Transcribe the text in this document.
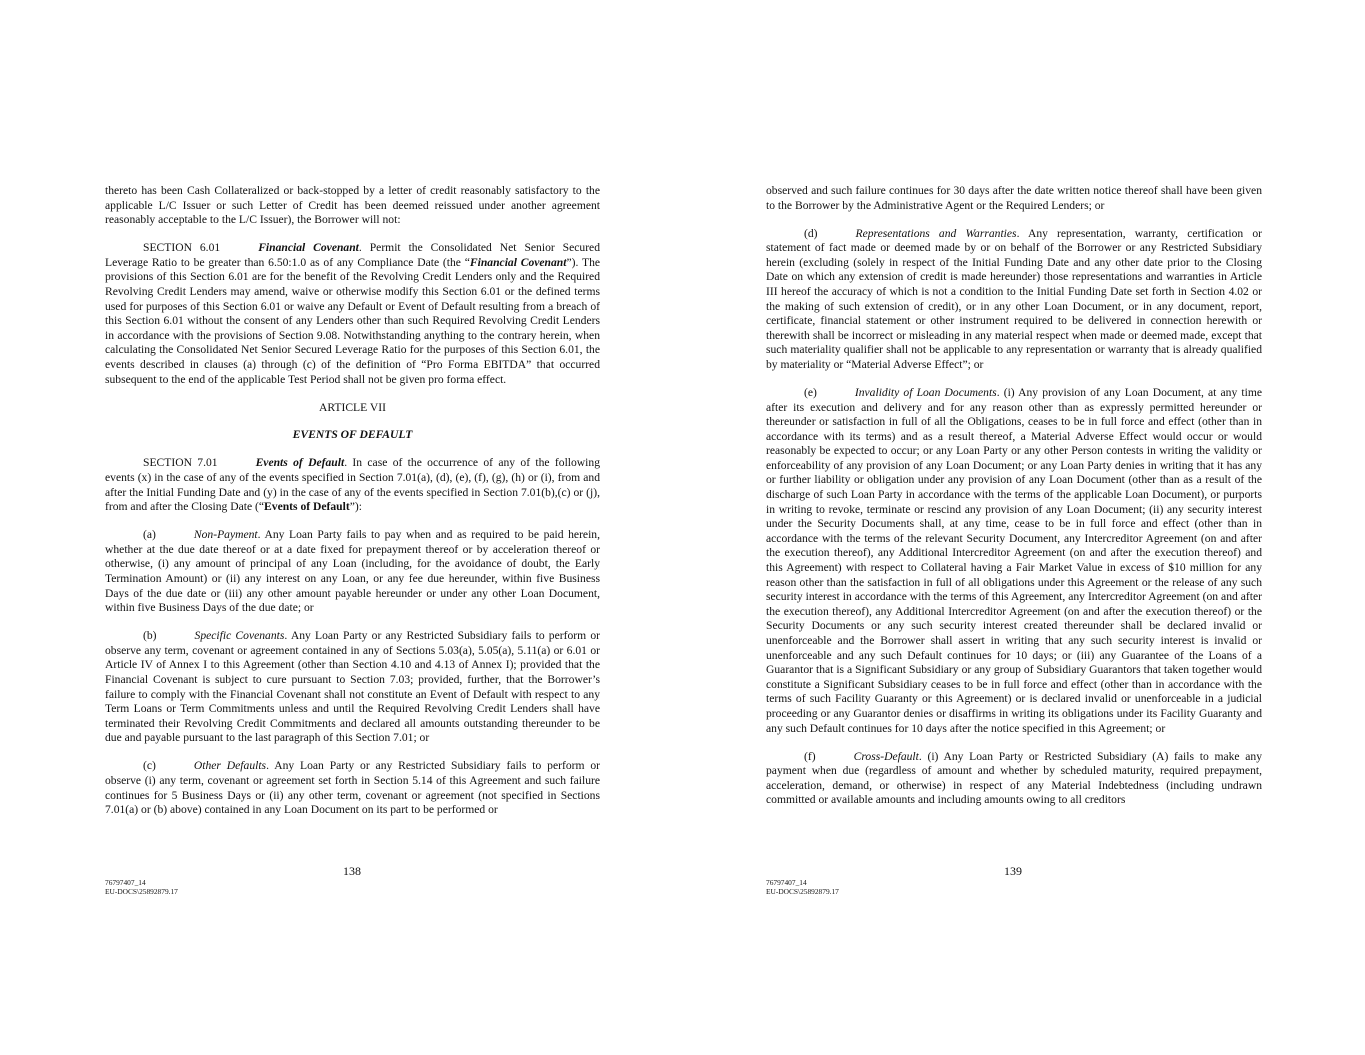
thereto has been Cash Collateralized or back-stopped by a letter of credit reasonably satisfactory to the applicable L/C Issuer or such Letter of Credit has been deemed reissued under another agreement reasonably acceptable to the L/C Issuer), the Borrower will not:

SECTION 6.01	Financial Covenant. Permit the Consolidated Net Senior Secured Leverage Ratio to be greater than 6.50:1.0 as of any Compliance Date (the “Financial Covenant”). The provisions of this Section 6.01 are for the benefit of the Revolving Credit Lenders only and the Required Revolving Credit Lenders may amend, waive or otherwise modify this Section 6.01 or the defined terms used for purposes of this Section 6.01 or waive any Default or Event of Default resulting from a breach of this Section 6.01 without the consent of any Lenders other than such Required Revolving Credit Lenders in accordance with the provisions of Section 9.08. Notwithstanding anything to the contrary herein, when calculating the Consolidated Net Senior Secured Leverage Ratio for the purposes of this Section 6.01, the events described in clauses (a) through (c) of the definition of “Pro Forma EBITDA” that occurred subsequent to the end of the applicable Test Period shall not be given pro forma effect.

ARTICLE VII

EVENTS OF DEFAULT

SECTION 7.01	Events of Default. In case of the occurrence of any of the following events (x) in the case of any of the events specified in Section 7.01(a), (d), (e), (f), (g), (h) or (i), from and after the Initial Funding Date and (y) in the case of any of the events specified in Section 7.01(b),(c) or (j), from and after the Closing Date (“Events of Default”):

(a)	Non-Payment. Any Loan Party fails to pay when and as required to be paid herein, whether at the due date thereof or at a date fixed for prepayment thereof or by acceleration thereof or otherwise, (i) any amount of principal of any Loan (including, for the avoidance of doubt, the Early Termination Amount) or (ii) any interest on any Loan, or any fee due hereunder, within five Business Days of the due date or (iii) any other amount payable hereunder or under any other Loan Document, within five Business Days of the due date; or

(b)	Specific Covenants. Any Loan Party or any Restricted Subsidiary fails to perform or observe any term, covenant or agreement contained in any of Sections 5.03(a), 5.05(a), 5.11(a) or 6.01 or Article IV of Annex I to this Agreement (other than Section 4.10 and 4.13 of Annex I); provided that the Financial Covenant is subject to cure pursuant to Section 7.03; provided, further, that the Borrower’s failure to comply with the Financial Covenant shall not constitute an Event of Default with respect to any Term Loans or Term Commitments unless and until the Required Revolving Credit Lenders shall have terminated their Revolving Credit Commitments and declared all amounts outstanding thereunder to be due and payable pursuant to the last paragraph of this Section 7.01; or

(c)	Other Defaults. Any Loan Party or any Restricted Subsidiary fails to perform or observe (i) any term, covenant or agreement set forth in Section 5.14 of this Agreement and such failure continues for 5 Business Days or (ii) any other term, covenant or agreement (not specified in Sections 7.01(a) or (b) above) contained in any Loan Document on its part to be performed or

138
76797407_14
EU-DOCS\25892879.17

observed and such failure continues for 30 days after the date written notice thereof shall have been given to the Borrower by the Administrative Agent or the Required Lenders; or

(d)	Representations and Warranties. Any representation, warranty, certification or statement of fact made or deemed made by or on behalf of the Borrower or any Restricted Subsidiary herein (excluding (solely in respect of the Initial Funding Date and any other date prior to the Closing Date on which any extension of credit is made hereunder) those representations and warranties in Article III hereof the accuracy of which is not a condition to the Initial Funding Date set forth in Section 4.02 or the making of such extension of credit), or in any other Loan Document, or in any document, report, certificate, financial statement or other instrument required to be delivered in connection herewith or therewith shall be incorrect or misleading in any material respect when made or deemed made, except that such materiality qualifier shall not be applicable to any representation or warranty that is already qualified by materiality or “Material Adverse Effect”; or

(e)	Invalidity of Loan Documents. (i) Any provision of any Loan Document, at any time after its execution and delivery and for any reason other than as expressly permitted hereunder or thereunder or satisfaction in full of all the Obligations, ceases to be in full force and effect (other than in accordance with its terms) and as a result thereof, a Material Adverse Effect would occur or would reasonably be expected to occur; or any Loan Party or any other Person contests in writing the validity or enforceability of any provision of any Loan Document; or any Loan Party denies in writing that it has any or further liability or obligation under any provision of any Loan Document (other than as a result of the discharge of such Loan Party in accordance with the terms of the applicable Loan Document), or purports in writing to revoke, terminate or rescind any provision of any Loan Document; (ii) any security interest under the Security Documents shall, at any time, cease to be in full force and effect (other than in accordance with the terms of the relevant Security Document, any Intercreditor Agreement (on and after the execution thereof), any Additional Intercreditor Agreement (on and after the execution thereof) and this Agreement) with respect to Collateral having a Fair Market Value in excess of $10 million for any reason other than the satisfaction in full of all obligations under this Agreement or the release of any such security interest in accordance with the terms of this Agreement, any Intercreditor Agreement (on and after the execution thereof), any Additional Intercreditor Agreement (on and after the execution thereof) or the Security Documents or any such security interest created thereunder shall be declared invalid or unenforceable and the Borrower shall assert in writing that any such security interest is invalid or unenforceable and any such Default continues for 10 days; or (iii) any Guarantee of the Loans of a Guarantor that is a Significant Subsidiary or any group of Subsidiary Guarantors that taken together would constitute a Significant Subsidiary ceases to be in full force and effect (other than in accordance with the terms of such Facility Guaranty or this Agreement) or is declared invalid or unenforceable in a judicial proceeding or any Guarantor denies or disaffirms in writing its obligations under its Facility Guaranty and any such Default continues for 10 days after the notice specified in this Agreement; or

(f)	Cross-Default. (i) Any Loan Party or Restricted Subsidiary (A) fails to make any payment when due (regardless of amount and whether by scheduled maturity, required prepayment, acceleration, demand, or otherwise) in respect of any Material Indebtedness (including undrawn committed or available amounts and including amounts owing to all creditors

139
76797407_14
EU-DOCS\25892879.17
